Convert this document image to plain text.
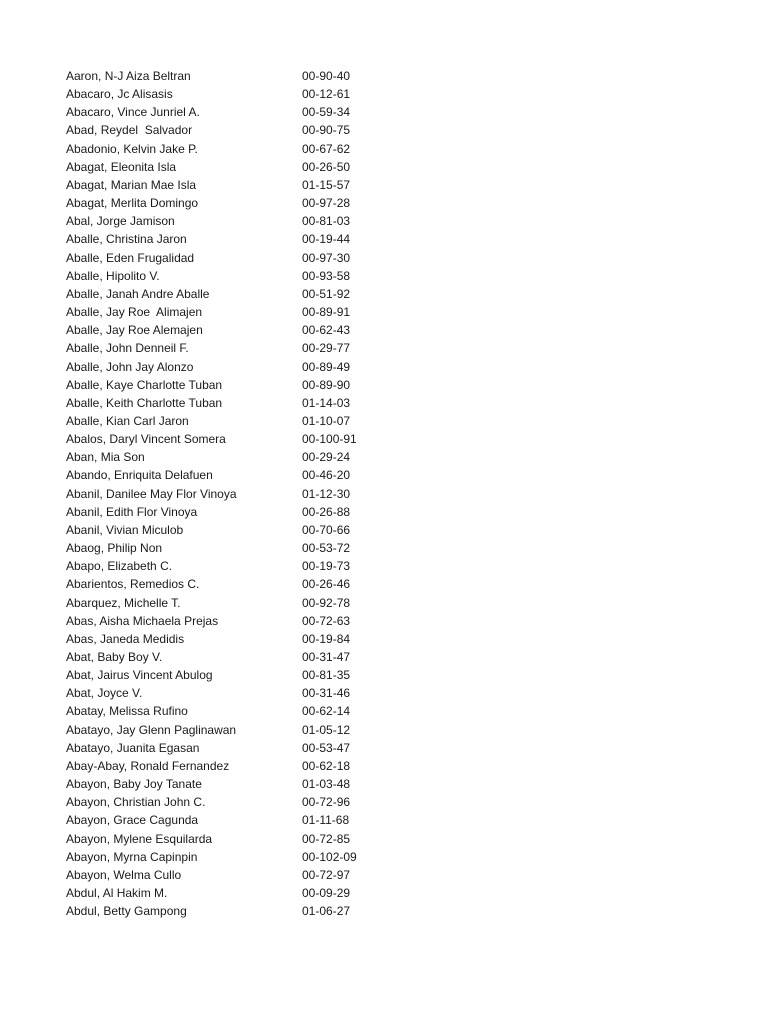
Aaron, N-J Aiza Beltran	00-90-40
Abacaro, Jc Alisasis	00-12-61
Abacaro, Vince Junriel A.	00-59-34
Abad, Reydel  Salvador	00-90-75
Abadonio, Kelvin Jake P.	00-67-62
Abagat, Eleonita Isla	00-26-50
Abagat, Marian Mae Isla	01-15-57
Abagat, Merlita Domingo	00-97-28
Abal, Jorge Jamison	00-81-03
Aballe, Christina Jaron	00-19-44
Aballe, Eden Frugalidad	00-97-30
Aballe, Hipolito V.	00-93-58
Aballe, Janah Andre Aballe	00-51-92
Aballe, Jay Roe  Alimajen	00-89-91
Aballe, Jay Roe Alemajen	00-62-43
Aballe, John Denneil F.	00-29-77
Aballe, John Jay Alonzo	00-89-49
Aballe, Kaye Charlotte Tuban	00-89-90
Aballe, Keith Charlotte Tuban	01-14-03
Aballe, Kian Carl Jaron	01-10-07
Abalos, Daryl Vincent Somera	00-100-91
Aban, Mia Son	00-29-24
Abando, Enriquita Delafuen	00-46-20
Abanil, Danilee May Flor Vinoya	01-12-30
Abanil, Edith Flor Vinoya	00-26-88
Abanil, Vivian Miculob	00-70-66
Abaog, Philip Non	00-53-72
Abapo, Elizabeth C.	00-19-73
Abarientos, Remedios C.	00-26-46
Abarquez, Michelle T.	00-92-78
Abas, Aisha Michaela Prejas	00-72-63
Abas, Janeda Medidis	00-19-84
Abat, Baby Boy V.	00-31-47
Abat, Jairus Vincent Abulog	00-81-35
Abat, Joyce V.	00-31-46
Abatay, Melissa Rufino	00-62-14
Abatayo, Jay Glenn Paglinawan	01-05-12
Abatayo, Juanita Egasan	00-53-47
Abay-Abay, Ronald Fernandez	00-62-18
Abayon, Baby Joy Tanate	01-03-48
Abayon, Christian John C.	00-72-96
Abayon, Grace Cagunda	01-11-68
Abayon, Mylene Esquilarda	00-72-85
Abayon, Myrna Capinpin	00-102-09
Abayon, Welma Cullo	00-72-97
Abdul, Al Hakim M.	00-09-29
Abdul, Betty Gampong	01-06-27
